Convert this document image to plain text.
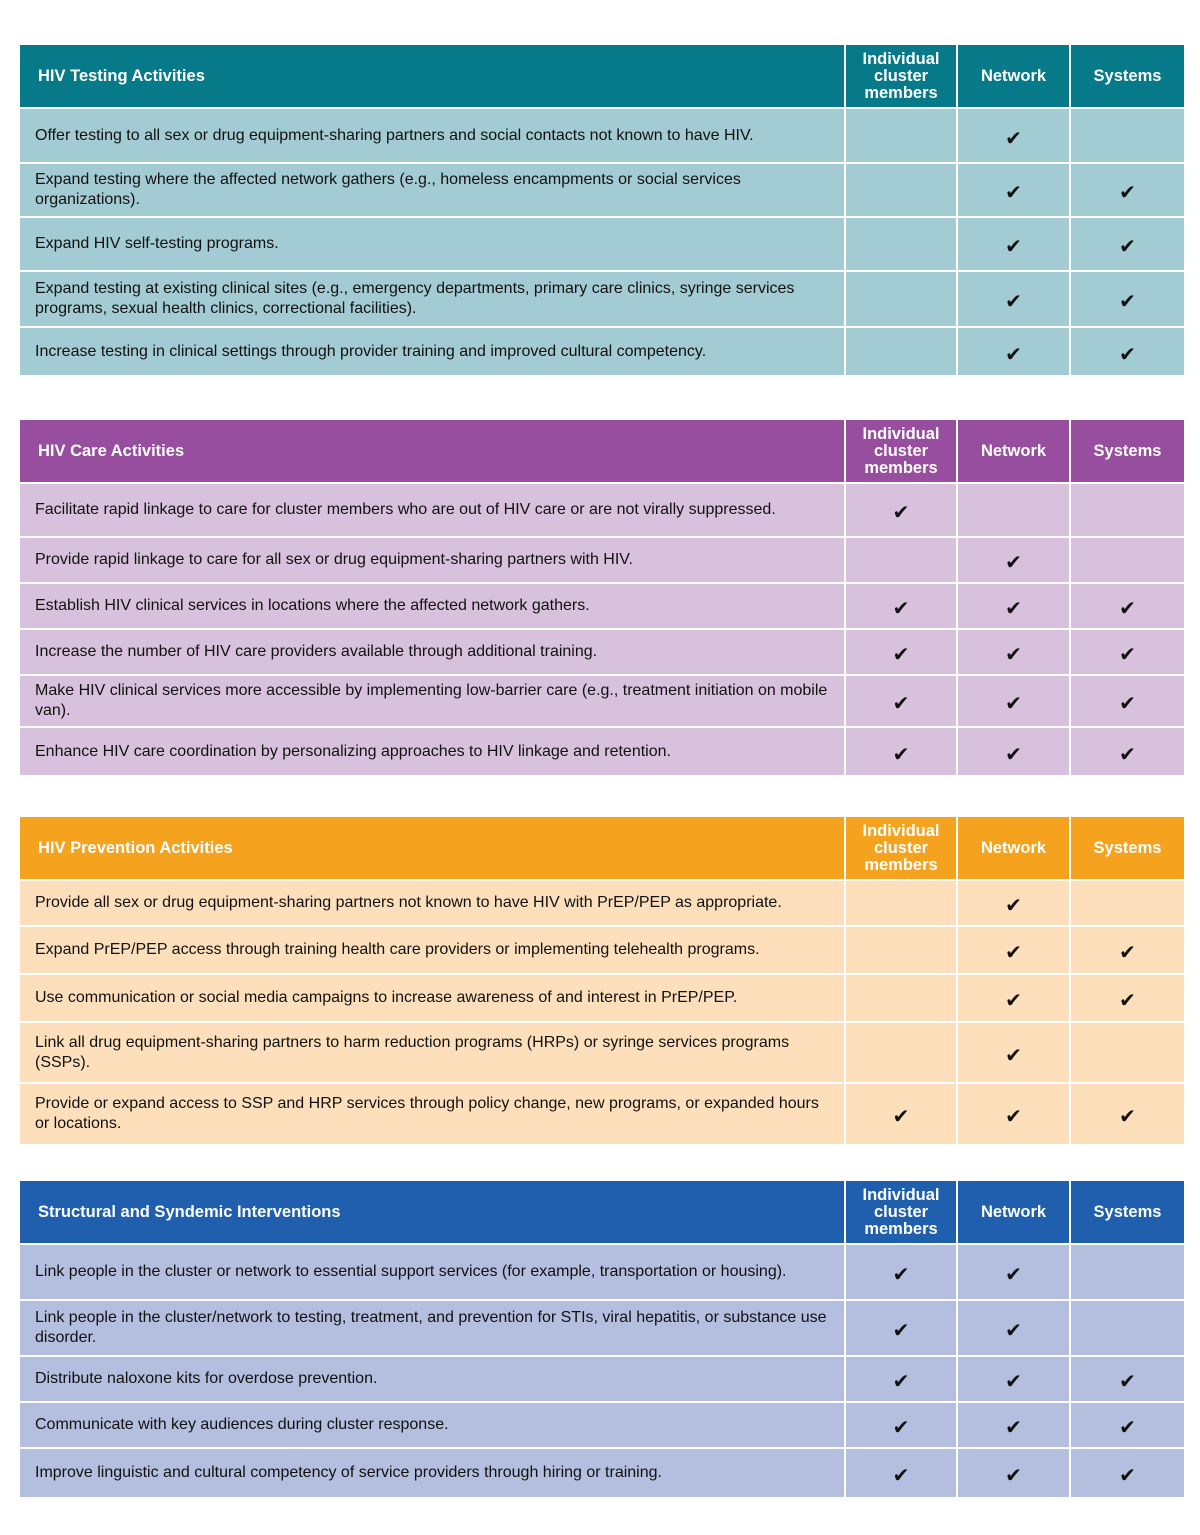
HIV Testing Activities	Individual cluster members	Network	Systems
Offer testing to all sex or drug equipment-sharing partners and social contacts not known to have HIV.		✔	
Expand testing where the affected network gathers (e.g., homeless encampments or social services organizations).		✔	✔
Expand HIV self-testing programs.		✔	✔
Expand testing at existing clinical sites (e.g., emergency departments, primary care clinics, syringe services programs, sexual health clinics, correctional facilities).		✔	✔
Increase testing in clinical settings through provider training and improved cultural competency.		✔	✔
HIV Care Activities	Individual cluster members	Network	Systems
Facilitate rapid linkage to care for cluster members who are out of HIV care or are not virally suppressed.	✔		
Provide rapid linkage to care for all sex or drug equipment-sharing partners with HIV.		✔	
Establish HIV clinical services in locations where the affected network gathers.	✔	✔	✔
Increase the number of HIV care providers available through additional training.	✔	✔	✔
Make HIV clinical services more accessible by implementing low-barrier care (e.g., treatment initiation on mobile van).	✔	✔	✔
Enhance HIV care coordination by personalizing approaches to HIV linkage and retention.	✔	✔	✔
HIV Prevention Activities	Individual cluster members	Network	Systems
Provide all sex or drug equipment-sharing partners not known to have HIV with PrEP/PEP as appropriate.		✔	
Expand PrEP/PEP access through training health care providers or implementing telehealth programs.		✔	✔
Use communication or social media campaigns to increase awareness of and interest in PrEP/PEP.		✔	✔
Link all drug equipment-sharing partners to harm reduction programs (HRPs) or syringe services programs (SSPs).		✔	
Provide or expand access to SSP and HRP services through policy change, new programs, or expanded hours or locations.	✔	✔	✔
Structural and Syndemic Interventions	Individual cluster members	Network	Systems
Link people in the cluster or network to essential support services (for example, transportation or housing).	✔	✔	
Link people in the cluster/network to testing, treatment, and prevention for STIs, viral hepatitis, or substance use disorder.	✔	✔	
Distribute naloxone kits for overdose prevention.	✔	✔	✔
Communicate with key audiences during cluster response.	✔	✔	✔
Improve linguistic and cultural competency of service providers through hiring or training.	✔	✔	✔
